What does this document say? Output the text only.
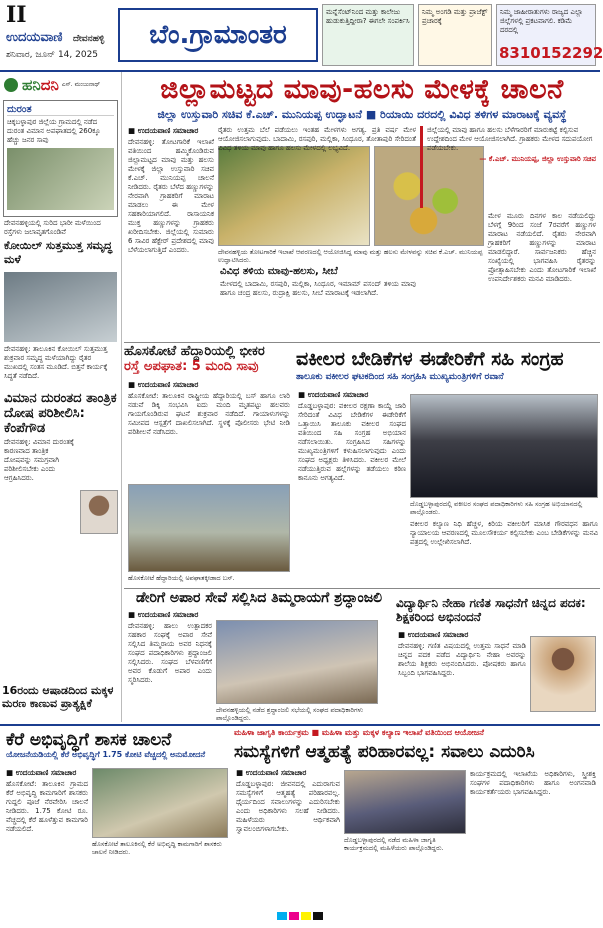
II
ಉದಯವಾಣಿ ದೇವನಹಳ್ಳಿ
ಶನಿವಾರ, ಜೂನ್ 14, 2025
ಬೆಂ.ಗ್ರಾಮಾಂತರ
ಮನ್ನೆಸೆಂಟ್‌ನಿಂದ ಮತ್ತು ಕಾಲೇಜು ಹುಡುಕುತ್ತಿದ್ದೀರಾ? ಈಗಲೇ ಸಂಪರ್ಕಿಸಿ
ನಿಮ್ಮ ಅಂಗಡಿ ಮತ್ತು ಪ್ರಾಜೆಕ್ಟ್ ಪ್ರಚಾರಕ್ಕೆ
ನಿಮ್ಮ ಜಾಹೀರಾತುಗಳು ರಾಜ್ಯದ ಎಲ್ಲಾ ಜಿಲ್ಲೆಗಳಲ್ಲಿ ಪ್ರಕಟವಾಗಲಿ. ಕಡಿಮೆ ದರದಲ್ಲಿ
8310152292
ಹನಿದನಿ ಎಸ್. ಮಂಜುನಾಥ್
ದುರಂತ
ಚಿಕ್ಕಬಳ್ಳಾಪುರ ಜಿಲ್ಲೆಯ ಗ್ರಾಮದಲ್ಲಿ ನಡೆದ ದುರಂತ ವಿಮಾನ ಅಪಘಾತದಲ್ಲಿ 260ಕ್ಕೂ ಹೆಚ್ಚು ಜನರ ಸಾವು
ದೇವನಹಳ್ಳಿಯಲ್ಲಿ ಸುರಿದ ಭಾರೀ ಮಳೆಯಿಂದ ರಸ್ತೆಗಳು ಜಲಾವೃತಗೊಂಡಿವೆ
ಕೋಯಿಲ್ ಸುತ್ತಮುತ್ತ ಸಮೃದ್ಧ ಮಳೆ
ದೇವನಹಳ್ಳಿ: ತಾಲೂಕಿನ ಕೋಯಿಲ್ ಸುತ್ತಮುತ್ತ ಶುಕ್ರವಾರ ಸಮೃದ್ಧ ಮಳೆಯಾಗಿದ್ದು ರೈತರ ಮುಖದಲ್ಲಿ ಸಂತಸ ಮೂಡಿದೆ. ಬಿತ್ತನೆ ಕಾರ್ಯಕ್ಕೆ ಸಿದ್ಧತೆ ನಡೆದಿದೆ.
ವಿಮಾನ ದುರಂತದ ತಾಂತ್ರಿಕ ದೋಷ ಪರಿಶೀಲಿಸಿ: ಕೆಂಪೆಗೌಡ
ದೇವನಹಳ್ಳಿ: ವಿಮಾನ ದುರಂತಕ್ಕೆ ಕಾರಣವಾದ ತಾಂತ್ರಿಕ ದೋಷವನ್ನು ಸಮಗ್ರವಾಗಿ ಪರಿಶೀಲಿಸಬೇಕು ಎಂದು ಆಗ್ರಹಿಸಿದರು.
16ರಂದು ಆಷಾಡದಿಂದ ಮಕ್ಕಳ ಮರಣ ಕಾಣುವ ಪ್ರಾತ್ಯಕ್ಷಿಕೆ
ಜಿಲ್ಲಾಮಟ್ಟದ ಮಾವು-ಹಲಸು ಮೇಳಕ್ಕೆ ಚಾಲನೆ
ಜಿಲ್ಲಾ ಉಸ್ತುವಾರಿ ಸಚಿವ ಕೆ.ಎಚ್. ಮುನಿಯಪ್ಪ ಉದ್ಘಾಟನೆ ■ ರಿಯಾಯಿ ದರದಲ್ಲಿ ವಿವಿಧ ತಳಿಗಳ ಮಾರಾಟಕ್ಕೆ ವ್ಯವಸ್ಥೆ
■ ಉದಯವಾಣಿ ಸಮಾಚಾರ
ದೇವನಹಳ್ಳಿ: ತೋಟಗಾರಿಕೆ ಇಲಾಖೆ ವತಿಯಿಂದ ಹಮ್ಮಿಕೊಂಡಿರುವ ಜಿಲ್ಲಾಮಟ್ಟದ ಮಾವು ಮತ್ತು ಹಲಸು ಮೇಳಕ್ಕೆ ಜಿಲ್ಲಾ ಉಸ್ತುವಾರಿ ಸಚಿವ ಕೆ.ಎಚ್. ಮುನಿಯಪ್ಪ ಚಾಲನೆ ನೀಡಿದರು. ರೈತರು ಬೆಳೆದ ಹಣ್ಣುಗಳನ್ನು ನೇರವಾಗಿ ಗ್ರಾಹಕರಿಗೆ ಮಾರಾಟ ಮಾಡಲು ಈ ಮೇಳ ಸಹಕಾರಿಯಾಗಲಿದೆ. ರಾಸಾಯನಿಕ ಮುಕ್ತ ಹಣ್ಣುಗಳನ್ನು ಗ್ರಾಹಕರು ಖರೀದಿಸಬೇಕು. ಜಿಲ್ಲೆಯಲ್ಲಿ ಸುಮಾರು 6 ಸಾವಿರ ಹೆಕ್ಟೇರ್ ಪ್ರದೇಶದಲ್ಲಿ ಮಾವು ಬೆಳೆಯಲಾಗುತ್ತಿದೆ ಎಂದರು.	ದೇವನಹಳ್ಳಿಯ ತೋಟಗಾರಿಕೆ ಇಲಾಖೆ ಆವರಣದಲ್ಲಿ ಆಯೋಜಿಸಿದ್ದ ಮಾವು ಮತ್ತು ಹಲಸು ಮೇಳವನ್ನು ಸಚಿವ ಕೆ.ಎಚ್. ಮುನಿಯಪ್ಪ ಉದ್ಘಾಟಿಸಿದರು.
ವಿವಿಧ ತಳಿಯ ಮಾವು-ಹಲಸು, ಸೀಬೆ
ಮೇಳದಲ್ಲಿ ಬಾದಾಮಿ, ರಸಪುರಿ, ಮಲ್ಲಿಕಾ, ಸಿಂಧೂರ, ಇಮಾಮ್ ಪಸಂದ್ ತಳಿಯ ಮಾವು ಹಾಗೂ ಚಂದ್ರ ಹಲಸು, ರುದ್ರಾಕ್ಷಿ ಹಲಸು, ಸೀಬೆ ಮಾರಾಟಕ್ಕೆ ಇಡಲಾಗಿದೆ.
ರೈತರು ಉತ್ತಮ ಬೆಲೆ ಪಡೆಯಲು ಇಂತಹ ಮೇಳಗಳು ಅಗತ್ಯ. ಪ್ರತಿ ವರ್ಷ ಮೇಳ ಆಯೋಜಿಸಲಾಗುವುದು. ಬಾದಾಮಿ, ರಸಪುರಿ, ಮಲ್ಲಿಕಾ, ಸಿಂಧೂರ, ತೋತಾಪುರಿ ಸೇರಿದಂತೆ ವಿವಿಧ ತಳಿಯ ಮಾವು ಹಾಗೂ ಹಲಸು ಮೇಳದಲ್ಲಿ ಲಭ್ಯವಿದೆ.
ಜಿಲ್ಲೆಯಲ್ಲಿ ಮಾವು ಹಾಗೂ ಹಲಸು ಬೆಳೆಗಾರರಿಗೆ ಮಾರುಕಟ್ಟೆ ಕಲ್ಪಿಸುವ ಉದ್ದೇಶದಿಂದ ಮೇಳ ಆಯೋಜಿಸಲಾಗಿದೆ. ಗ್ರಾಹಕರು ಮೇಳದ ಸದುಪಯೋಗ ಪಡೆಯಬೇಕು.
— ಕೆ.ಎಚ್. ಮುನಿಯಪ್ಪ, ಜಿಲ್ಲಾ ಉಸ್ತುವಾರಿ ಸಚಿವ
ಮೇಳ ಮೂರು ದಿನಗಳ ಕಾಲ ನಡೆಯಲಿದ್ದು ಬೆಳಗ್ಗೆ 9ರಿಂದ ಸಂಜೆ 7ರವರೆಗೆ ಹಣ್ಣುಗಳ ಮಾರಾಟ ನಡೆಯಲಿದೆ. ರೈತರು ನೇರವಾಗಿ ಗ್ರಾಹಕರಿಗೆ ಹಣ್ಣುಗಳನ್ನು ಮಾರಾಟ ಮಾಡಲಿದ್ದಾರೆ. ಸಾರ್ವಜನಿಕರು ಹೆಚ್ಚಿನ ಸಂಖ್ಯೆಯಲ್ಲಿ ಭಾಗವಹಿಸಿ ರೈತರನ್ನು ಪ್ರೋತ್ಸಾಹಿಸಬೇಕು ಎಂದು ತೋಟಗಾರಿಕೆ ಇಲಾಖೆ ಉಪನಿರ್ದೇಶಕರು ಮನವಿ ಮಾಡಿದರು.
ಹೊಸಕೋಟೆ ಹೆದ್ದಾರಿಯಲ್ಲಿ ಭೀಕರ
ರಸ್ತೆ ಅಪಘಾತ: 5 ಮಂದಿ ಸಾವು
■ ಉದಯವಾಣಿ ಸಮಾಚಾರ
ಹೊಸಕೋಟೆ: ತಾಲೂಕಿನ ರಾಷ್ಟ್ರೀಯ ಹೆದ್ದಾರಿಯಲ್ಲಿ ಬಸ್ ಹಾಗೂ ಲಾರಿ ನಡುವೆ ಡಿಕ್ಕಿ ಸಂಭವಿಸಿ ಐದು ಮಂದಿ ಮೃತಪಟ್ಟು ಹಲವರು ಗಾಯಗೊಂಡಿರುವ ಘಟನೆ ಶುಕ್ರವಾರ ನಡೆದಿದೆ. ಗಾಯಾಳುಗಳನ್ನು ಸಮೀಪದ ಆಸ್ಪತ್ರೆಗೆ ದಾಖಲಿಸಲಾಗಿದೆ. ಸ್ಥಳಕ್ಕೆ ಪೊಲೀಸರು ಭೇಟಿ ನೀಡಿ ಪರಿಶೀಲನೆ ನಡೆಸಿದರು.
ಹೊಸಕೋಟೆ ಹೆದ್ದಾರಿಯಲ್ಲಿ ಅಪಘಾತಕ್ಕೀಡಾದ ಬಸ್.
ವಕೀಲರ ಬೇಡಿಕೆಗಳ ಈಡೇರಿಕೆಗೆ ಸಹಿ ಸಂಗ್ರಹ
ತಾಲೂಕು ವಕೀಲರ ಘಟಕದಿಂದ ಸಹಿ ಸಂಗ್ರಹಿಸಿ ಮುಖ್ಯಮಂತ್ರಿಗಳಿಗೆ ರವಾನೆ
■ ಉದಯವಾಣಿ ಸಮಾಚಾರ
ದೊಡ್ಡಬಳ್ಳಾಪುರ: ವಕೀಲರ ರಕ್ಷಣಾ ಕಾಯ್ದೆ ಜಾರಿ ಸೇರಿದಂತೆ ವಿವಿಧ ಬೇಡಿಕೆಗಳ ಈಡೇರಿಕೆಗೆ ಒತ್ತಾಯಿಸಿ ತಾಲೂಕು ವಕೀಲರ ಸಂಘದ ವತಿಯಿಂದ ಸಹಿ ಸಂಗ್ರಹ ಅಭಿಯಾನ ನಡೆಸಲಾಯಿತು. ಸಂಗ್ರಹಿಸಿದ ಸಹಿಗಳನ್ನು ಮುಖ್ಯಮಂತ್ರಿಗಳಿಗೆ ಕಳುಹಿಸಲಾಗುವುದು ಎಂದು ಸಂಘದ ಅಧ್ಯಕ್ಷರು ತಿಳಿಸಿದರು. ವಕೀಲರ ಮೇಲೆ ನಡೆಯುತ್ತಿರುವ ಹಲ್ಲೆಗಳನ್ನು ತಡೆಯಲು ಕಠಿಣ ಕಾನೂನು ಅಗತ್ಯವಿದೆ.
ದೊಡ್ಡಬಳ್ಳಾಪುರದಲ್ಲಿ ವಕೀಲರ ಸಂಘದ ಪದಾಧಿಕಾರಿಗಳು ಸಹಿ ಸಂಗ್ರಹ ಅಭಿಯಾನದಲ್ಲಿ ಪಾಲ್ಗೊಂಡರು.
ವಕೀಲರ ಕಲ್ಯಾಣ ನಿಧಿ ಹೆಚ್ಚಳ, ಕಿರಿಯ ವಕೀಲರಿಗೆ ಮಾಸಿಕ ಗೌರವಧನ ಹಾಗೂ ನ್ಯಾಯಾಲಯ ಆವರಣದಲ್ಲಿ ಮೂಲಸೌಕರ್ಯ ಕಲ್ಪಿಸಬೇಕು ಎಂಬ ಬೇಡಿಕೆಗಳನ್ನು ಮನವಿ ಪತ್ರದಲ್ಲಿ ಉಲ್ಲೇಖಿಸಲಾಗಿದೆ.
ಡೇರಿಗೆ ಅಪಾರ ಸೇವೆ ಸಲ್ಲಿಸಿದ ತಿಮ್ಮರಾಯಗೆ ಶ್ರದ್ಧಾಂಜಲಿ
■ ಉದಯವಾಣಿ ಸಮಾಚಾರ
ದೇವನಹಳ್ಳಿ: ಹಾಲು ಉತ್ಪಾದಕರ ಸಹಕಾರ ಸಂಘಕ್ಕೆ ಅಪಾರ ಸೇವೆ ಸಲ್ಲಿಸಿದ ತಿಮ್ಮರಾಯ ಅವರ ನಿಧನಕ್ಕೆ ಸಂಘದ ಪದಾಧಿಕಾರಿಗಳು ಶ್ರದ್ಧಾಂಜಲಿ ಸಲ್ಲಿಸಿದರು. ಸಂಘದ ಬೆಳವಣಿಗೆಗೆ ಅವರ ಕೊಡುಗೆ ಅಪಾರ ಎಂದು ಸ್ಮರಿಸಿದರು.
ದೇವನಹಳ್ಳಿಯಲ್ಲಿ ನಡೆದ ಶ್ರದ್ಧಾಂಜಲಿ ಸಭೆಯಲ್ಲಿ ಸಂಘದ ಪದಾಧಿಕಾರಿಗಳು ಪಾಲ್ಗೊಂಡಿದ್ದರು.
ವಿದ್ಯಾರ್ಥಿನಿ ನೇಹಾ ಗಣಿತ ಸಾಧನೆಗೆ ಚಿನ್ನದ ಪದಕ: ಶಿಕ್ಷಕರಿಂದ ಅಭಿನಂದನೆ
■ ಉದಯವಾಣಿ ಸಮಾಚಾರ
ದೇವನಹಳ್ಳಿ: ಗಣಿತ ವಿಷಯದಲ್ಲಿ ಉತ್ತಮ ಸಾಧನೆ ಮಾಡಿ ಚಿನ್ನದ ಪದಕ ಪಡೆದ ವಿದ್ಯಾರ್ಥಿನಿ ನೇಹಾ ಅವರನ್ನು ಶಾಲೆಯ ಶಿಕ್ಷಕರು ಅಭಿನಂದಿಸಿದರು. ಪೋಷಕರು ಹಾಗೂ ಸಿಬ್ಬಂದಿ ಭಾಗವಹಿಸಿದ್ದರು.
ಕೆರೆ ಅಭಿವೃದ್ಧಿಗೆ ಶಾಸಕ ಚಾಲನೆ
ಯೋಜನೆಯಡಿಯಲ್ಲಿ ಕೆರೆ ಅಭಿವೃದ್ಧಿಗೆ 1.75 ಕೋಟಿ ವೆಚ್ಚದಲ್ಲಿ ಅನುಮೋದನೆ
■ ಉದಯವಾಣಿ ಸಮಾಚಾರ
ಹೊಸಕೋಟೆ: ತಾಲೂಕಿನ ಗ್ರಾಮದ ಕೆರೆ ಅಭಿವೃದ್ಧಿ ಕಾಮಗಾರಿಗೆ ಶಾಸಕರು ಗುದ್ದಲಿ ಪೂಜೆ ನೆರವೇರಿಸಿ ಚಾಲನೆ ನೀಡಿದರು. 1.75 ಕೋಟಿ ರೂ. ವೆಚ್ಚದಲ್ಲಿ ಕೆರೆ ಹೂಳೆತ್ತುವ ಕಾಮಗಾರಿ ನಡೆಯಲಿದೆ.
ಹೊಸಕೋಟೆ ತಾಲೂಕಿನಲ್ಲಿ ಕೆರೆ ಅಭಿವೃದ್ಧಿ ಕಾಮಗಾರಿಗೆ ಶಾಸಕರು ಚಾಲನೆ ನೀಡಿದರು.
ಮಹಿಳಾ ಜಾಗೃತಿ ಕಾರ್ಯಕ್ರಮ ■ ಮಹಿಳಾ ಮತ್ತು ಮಕ್ಕಳ ಕಲ್ಯಾಣ ಇಲಾಖೆ ವತಿಯಿಂದ ಆಯೋಜನೆ
ಸಮಸ್ಯೆಗಳಿಗೆ ಆತ್ಮಹತ್ಯೆ ಪರಿಹಾರವಲ್ಲ: ಸವಾಲು ಎದುರಿಸಿ
■ ಉದಯವಾಣಿ ಸಮಾಚಾರ
ದೊಡ್ಡಬಳ್ಳಾಪುರ: ಜೀವನದಲ್ಲಿ ಎದುರಾಗುವ ಸಮಸ್ಯೆಗಳಿಗೆ ಆತ್ಮಹತ್ಯೆ ಪರಿಹಾರವಲ್ಲ. ಧೈರ್ಯದಿಂದ ಸವಾಲುಗಳನ್ನು ಎದುರಿಸಬೇಕು ಎಂದು ಅಧಿಕಾರಿಗಳು ಸಲಹೆ ನೀಡಿದರು. ಮಹಿಳೆಯರು ಆರ್ಥಿಕವಾಗಿ ಸ್ವಾವಲಂಬಿಗಳಾಗಬೇಕು.
ದೊಡ್ಡಬಳ್ಳಾಪುರದಲ್ಲಿ ನಡೆದ ಮಹಿಳಾ ಜಾಗೃತಿ ಕಾರ್ಯಕ್ರಮದಲ್ಲಿ ಮಹಿಳೆಯರು ಪಾಲ್ಗೊಂಡಿದ್ದರು.
ಕಾರ್ಯಕ್ರಮದಲ್ಲಿ ಇಲಾಖೆಯ ಅಧಿಕಾರಿಗಳು, ಸ್ತ್ರೀಶಕ್ತಿ ಸಂಘಗಳ ಪದಾಧಿಕಾರಿಗಳು ಹಾಗೂ ಅಂಗನವಾಡಿ ಕಾರ್ಯಕರ್ತೆಯರು ಭಾಗವಹಿಸಿದ್ದರು.
